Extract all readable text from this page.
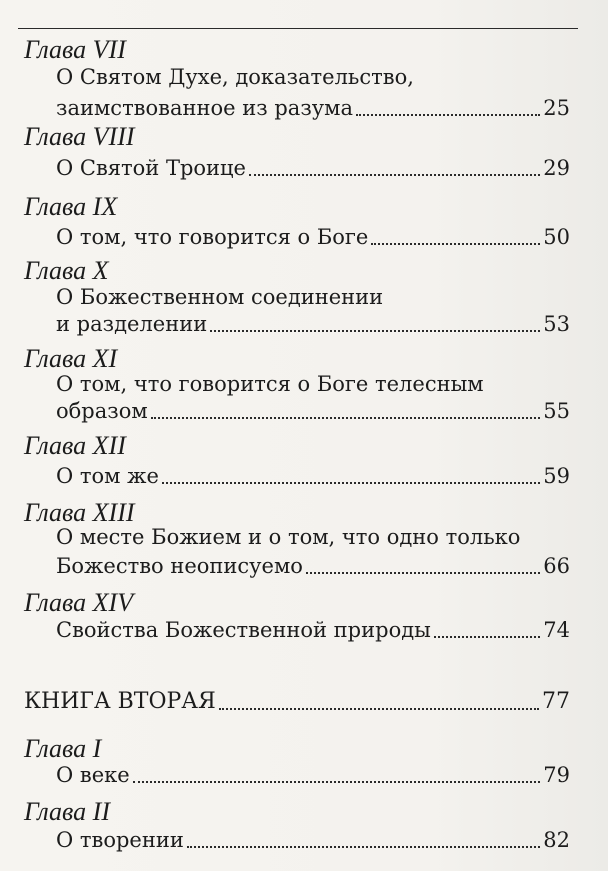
Глава VII
О Святом Духе, доказательство,
заимствованное из разума	25
Глава VIII
О Святой Троице	29
Глава IX
О том, что говорится о Боге	50
Глава X
О Божественном соединении
и разделении	53
Глава XI
О том, что говорится о Боге телесным
образом	55
Глава XII
О том же	59
Глава XIII
О месте Божием и о том, что одно только
Божество неописуемо	66
Глава XIV
Свойства Божественной природы	74
КНИГА ВТОРАЯ	77
Глава I
О веке	79
Глава II
О творении	82
